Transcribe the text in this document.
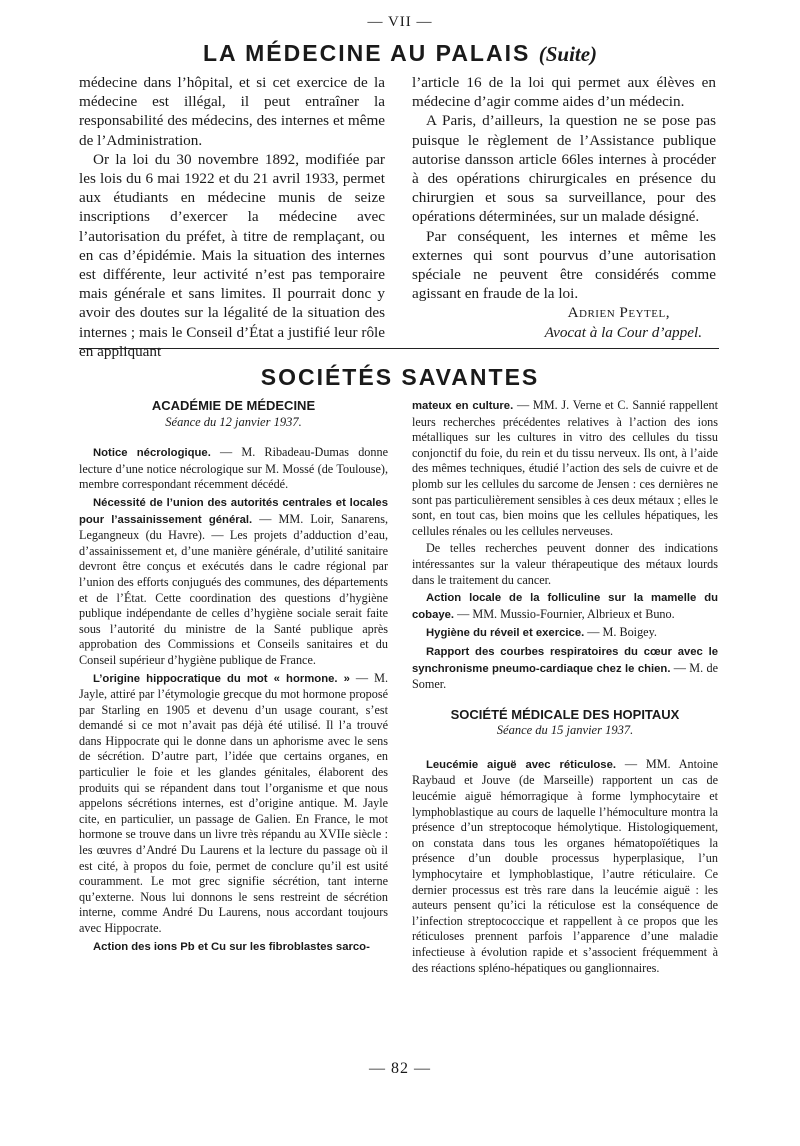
— VII —
LA MÉDECINE AU PALAIS (Suite)

médecine dans l’hôpital, et si cet exercice de la médecine est illégal, il peut entraîner la responsabilité des médecins, des internes et même de l’Administration.

Or la loi du 30 novembre 1892, modifiée par les lois du 6 mai 1922 et du 21 avril 1933, permet aux étudiants en médecine munis de seize inscriptions d’exercer la médecine avec l’autorisation du préfet, à titre de remplaçant, ou en cas d’épidémie. Mais la situation des internes est différente, leur activité n’est pas temporaire mais générale et sans limites. Il pourrait donc y avoir des doutes sur la légalité de la situation des internes ; mais le Conseil d’État a justifié leur rôle en appliquant

l’article 16 de la loi qui permet aux élèves en médecine d’agir comme aides d’un médecin.

A Paris, d’ailleurs, la question ne se pose pas puisque le règlement de l’Assistance publique autorise dansson article 66les internes à procéder à des opérations chirurgicales en présence du chirurgien et sous sa surveillance, pour des opérations déterminées, sur un malade désigné.

Par conséquent, les internes et même les externes qui sont pourvus d’une autorisation spéciale ne peuvent être considérés comme agissant en fraude de la loi.

Adrien Peytel,

Avocat à la Cour d’appel.

SOCIÉTÉS SAVANTES
ACADÉMIE DE MÉDECINE
Séance du 12 janvier 1937.

Notice nécrologique. — M. Ribadeau-Dumas donne lecture d’une notice nécrologique sur M. Mossé (de Toulouse), membre correspondant récemment décédé.

Nécessité de l’union des autorités centrales et locales pour l’assainissement général. — MM. Loir, Sanarens, Legangneux (du Havre). — Les projets d’adduction d’eau, d’assainissement et, d’une manière générale, d’utilité sanitaire devront être conçus et exécutés dans le cadre régional par l’union des efforts conjugués des communes, des départements et de l’État. Cette coordination des questions d’hygiène publique indépendante de celles d’hygiène sociale serait faite sous l’autorité du ministre de la Santé publique après approbation des Commissions et Conseils sanitaires et du Conseil supérieur d’hygiène publique de France.

L’origine hippocratique du mot « hormone. » — M. Jayle, attiré par l’étymologie grecque du mot hormone proposé par Starling en 1905 et devenu d’un usage courant, s’est demandé si ce mot n’avait pas déjà été utilisé. Il l’a trouvé dans Hippocrate qui le donne dans un aphorisme avec le sens de sécrétion. D’autre part, l’idée que certains organes, en particulier le foie et les glandes génitales, élaborent des produits qui se répandent dans tout l’organisme et que nous appelons sécrétions internes, est d’origine antique. M. Jayle cite, en particulier, un passage de Galien. En France, le mot hormone se trouve dans un livre très répandu au XVIIe siècle : les œuvres d’André Du Laurens et la lecture du passage où il est cité, à propos du foie, permet de conclure qu’il est usité couramment. Le mot grec signifie sécrétion, tant interne qu’externe. Nous lui donnons le sens restreint de sécrétion interne, comme André Du Laurens, nous accordant toujours avec Hippocrate.

Action des ions Pb et Cu sur les fibroblastes sarco-

mateux en culture. — MM. J. Verne et C. Sannié rappellent leurs recherches précédentes relatives à l’action des ions métalliques sur les cultures in vitro des cellules du tissu conjonctif du foie, du rein et du tissu nerveux. Ils ont, à l’aide des mêmes techniques, étudié l’action des sels de cuivre et de plomb sur les cellules du sarcome de Jensen : ces dernières ne sont pas particulièrement sensibles à ces deux métaux ; elles le sont, en tout cas, bien moins que les cellules hépatiques, les cellules rénales ou les cellules nerveuses.

De telles recherches peuvent donner des indications intéressantes sur la valeur thérapeutique des métaux lourds dans le traitement du cancer.

Action locale de la folliculine sur la mamelle du cobaye. — MM. Mussio-Fournier, Albrieux et Buno.

Hygiène du réveil et exercice. — M. Boigey.

Rapport des courbes respiratoires du cœur avec le synchronisme pneumo-cardiaque chez le chien. — M. de Somer.

SOCIÉTÉ MÉDICALE DES HOPITAUX
Séance du 15 janvier 1937.

Leucémie aiguë avec réticulose. — MM. Antoine Raybaud et Jouve (de Marseille) rapportent un cas de leucémie aiguë hémorragique à forme lymphocytaire et lymphoblastique au cours de laquelle l’hémoculture montra la présence d’un streptocoque hémolytique. Histologiquement, on constata dans tous les organes hématopoïétiques la présence d’un double processus hyperplasique, l’un lymphocytaire et lymphoblastique, l’autre réticulaire. Ce dernier processus est très rare dans la leucémie aiguë : les auteurs pensent qu’ici la réticulose est la conséquence de l’infection streptococcique et rappellent à ce propos que les réticuloses prennent parfois l’apparence d’une maladie infectieuse à évolution rapide et s’associent fréquemment à des réactions spléno-hépatiques ou ganglionnaires.

— 82 —
